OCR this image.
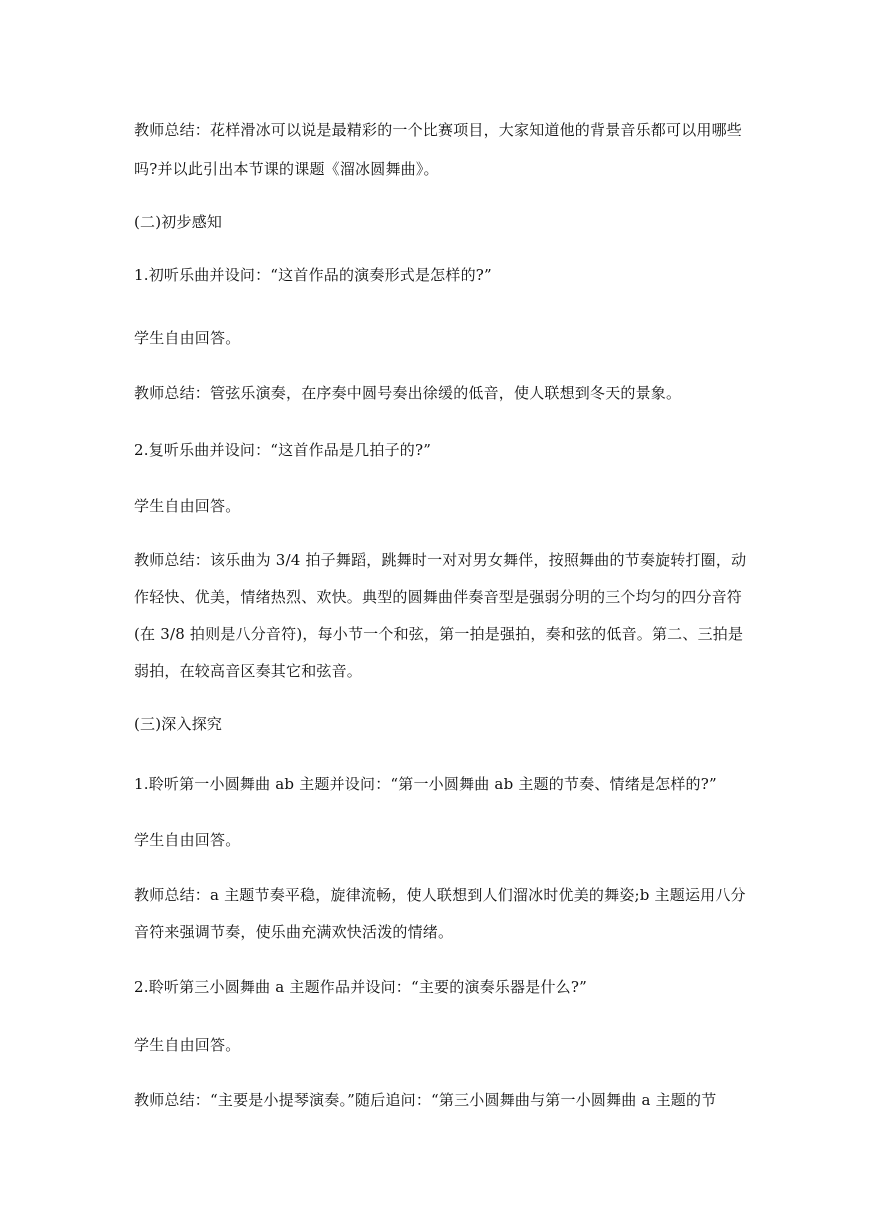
教师总结：花样滑冰可以说是最精彩的一个比赛项目，大家知道他的背景音乐都可以用哪些
吗?并以此引出本节课的课题《溜冰圆舞曲》。
(二)初步感知
1.初听乐曲并设问：“这首作品的演奏形式是怎样的?”
学生自由回答。
教师总结：管弦乐演奏，在序奏中圆号奏出徐缓的低音，使人联想到冬天的景象。
2.复听乐曲并设问：“这首作品是几拍子的?”
学生自由回答。
教师总结：该乐曲为 3/4 拍子舞蹈，跳舞时一对对男女舞伴，按照舞曲的节奏旋转打圈，动
作轻快、优美，情绪热烈、欢快。典型的圆舞曲伴奏音型是强弱分明的三个均匀的四分音符
(在 3/8 拍则是八分音符)，每小节一个和弦，第一拍是强拍，奏和弦的低音。第二、三拍是
弱拍，在较高音区奏其它和弦音。
(三)深入探究
1.聆听第一小圆舞曲 ab 主题并设问：“第一小圆舞曲 ab 主题的节奏、情绪是怎样的?”
学生自由回答。
教师总结：a 主题节奏平稳，旋律流畅，使人联想到人们溜冰时优美的舞姿;b 主题运用八分
音符来强调节奏，使乐曲充满欢快活泼的情绪。
2.聆听第三小圆舞曲 a 主题作品并设问：“主要的演奏乐器是什么?”
学生自由回答。
教师总结：“主要是小提琴演奏。”随后追问：“第三小圆舞曲与第一小圆舞曲 a 主题的节
